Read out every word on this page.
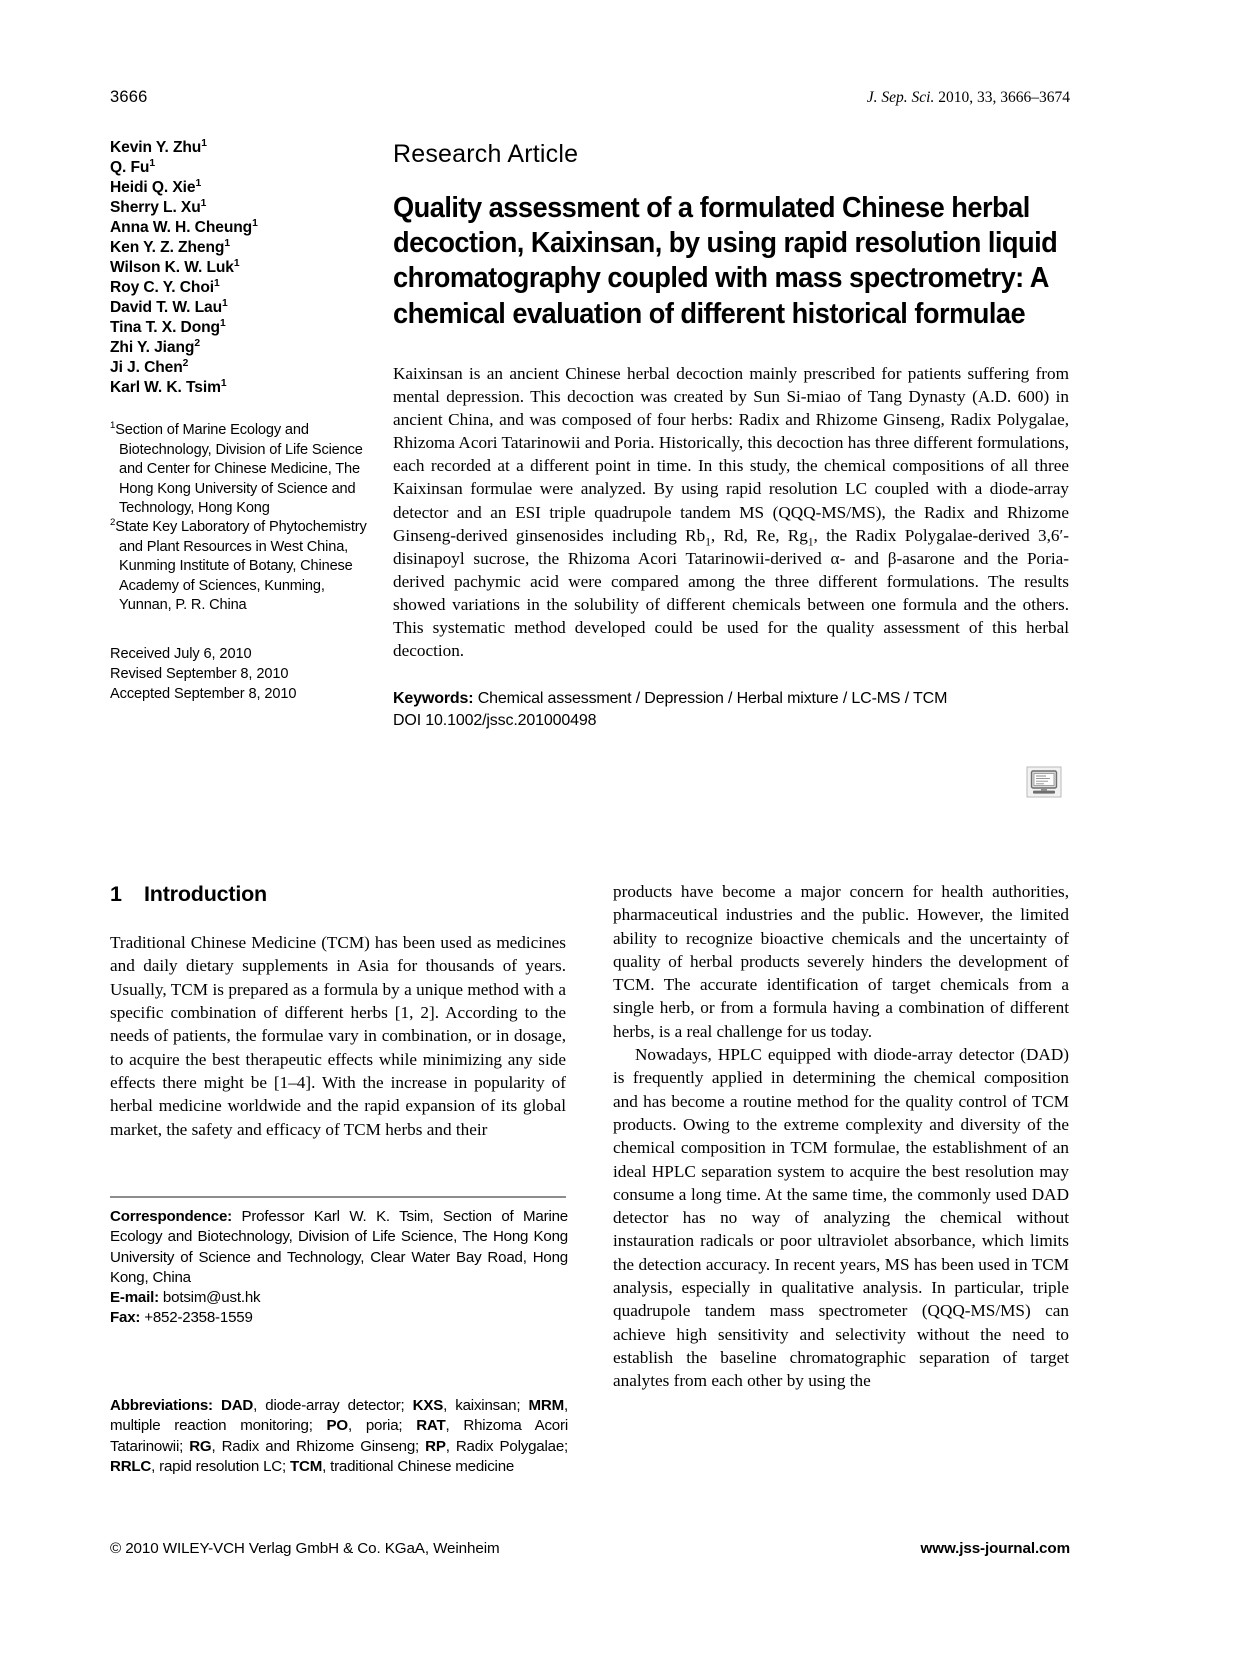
3666	J. Sep. Sci. 2010, 33, 3666–3674
Kevin Y. Zhu$^1$
Q. Fu$^1$
Heidi Q. Xie$^1$
Sherry L. Xu$^1$
Anna W. H. Cheung$^1$
Ken Y. Z. Zheng$^1$
Wilson K. W. Luk$^1$
Roy C. Y. Choi$^1$
David T. W. Lau$^1$
Tina T. X. Dong$^1$
Zhi Y. Jiang$^2$
Ji J. Chen$^2$
Karl W. K. Tsim$^1$

$^1$Section of Marine Ecology and Biotechnology, Division of Life Science and Center for Chinese Medicine, The Hong Kong University of Science and Technology, Hong Kong

$^2$State Key Laboratory of Phytochemistry and Plant Resources in West China, Kunming Institute of Botany, Chinese Academy of Sciences, Kunming, Yunnan, P. R. China

Received July 6, 2010
Revised September 8, 2010
Accepted September 8, 2010

Research Article

Quality assessment of a formulated Chinese herbal decoction, Kaixinsan, by using rapid resolution liquid chromatography coupled with mass spectrometry: A chemical evaluation of different historical formulae
Kaixinsan is an ancient Chinese herbal decoction mainly prescribed for patients suffering from mental depression. This decoction was created by Sun Si-miao of Tang Dynasty (A.D. 600) in ancient China, and was composed of four herbs: Radix and Rhizome Ginseng, Radix Polygalae, Rhizoma Acori Tatarinowii and Poria. Historically, this decoction has three different formulations, each recorded at a different point in time. In this study, the chemical compositions of all three Kaixinsan formulae were analyzed. By using rapid resolution LC coupled with a diode-array detector and an ESI triple quadrupole tandem MS (QQQ-MS/MS), the Radix and Rhizome Ginseng-derived ginsenosides including $Rb_1$, Rd, Re, $Rg_1$, the Radix Polygalae-derived 3,6′-disinapoyl sucrose, the Rhizoma Acori Tatarinowii-derived α- and β-asarone and the Poria-derived pachymic acid were compared among the three different formulations. The results showed variations in the solubility of different chemicals between one formula and the others. This systematic method developed could be used for the quality assessment of this herbal decoction.
Keywords: Chemical assessment / Depression / Herbal mixture / LC-MS / TCM
DOI 10.1002/jssc.201000498
1 Introduction

Traditional Chinese Medicine (TCM) has been used as medicines and daily dietary supplements in Asia for thousands of years. Usually, TCM is prepared as a formula by a unique method with a specific combination of different herbs [1, 2]. According to the needs of patients, the formulae vary in combination, or in dosage, to acquire the best therapeutic effects while minimizing any side effects there might be [1–4]. With the increase in popularity of herbal medicine worldwide and the rapid expansion of its global market, the safety and efficacy of TCM herbs and their

products have become a major concern for health authorities, pharmaceutical industries and the public. However, the limited ability to recognize bioactive chemicals and the uncertainty of quality of herbal products severely hinders the development of TCM. The accurate identification of target chemicals from a single herb, or from a formula having a combination of different herbs, is a real challenge for us today.

Nowadays, HPLC equipped with diode-array detector (DAD) is frequently applied in determining the chemical composition and has become a routine method for the quality control of TCM products. Owing to the extreme complexity and diversity of the chemical composition in TCM formulae, the establishment of an ideal HPLC separation system to acquire the best resolution may consume a long time. At the same time, the commonly used DAD detector has no way of analyzing the chemical without instauration radicals or poor ultraviolet absorbance, which limits the detection accuracy. In recent years, MS has been used in TCM analysis, especially in qualitative analysis. In particular, triple quadrupole tandem mass spectrometer (QQQ-MS/MS) can achieve high sensitivity and selectivity without the need to establish the baseline chromatographic separation of target analytes from each other by using the

Correspondence: Professor Karl W. K. Tsim, Section of Marine Ecology and Biotechnology, Division of Life Science, The Hong Kong University of Science and Technology, Clear Water Bay Road, Hong Kong, China
E-mail: botsim@ust.hk
Fax: +852-2358-1559
Abbreviations: DAD, diode-array detector; KXS, kaixinsan; MRM, multiple reaction monitoring; PO, poria; RAT, Rhizoma Acori Tatarinowii; RG, Radix and Rhizome Ginseng; RP, Radix Polygalae; RRLC, rapid resolution LC; TCM, traditional Chinese medicine
© 2010 WILEY-VCH Verlag GmbH & Co. KGaA, Weinheim	www.jss-journal.com
